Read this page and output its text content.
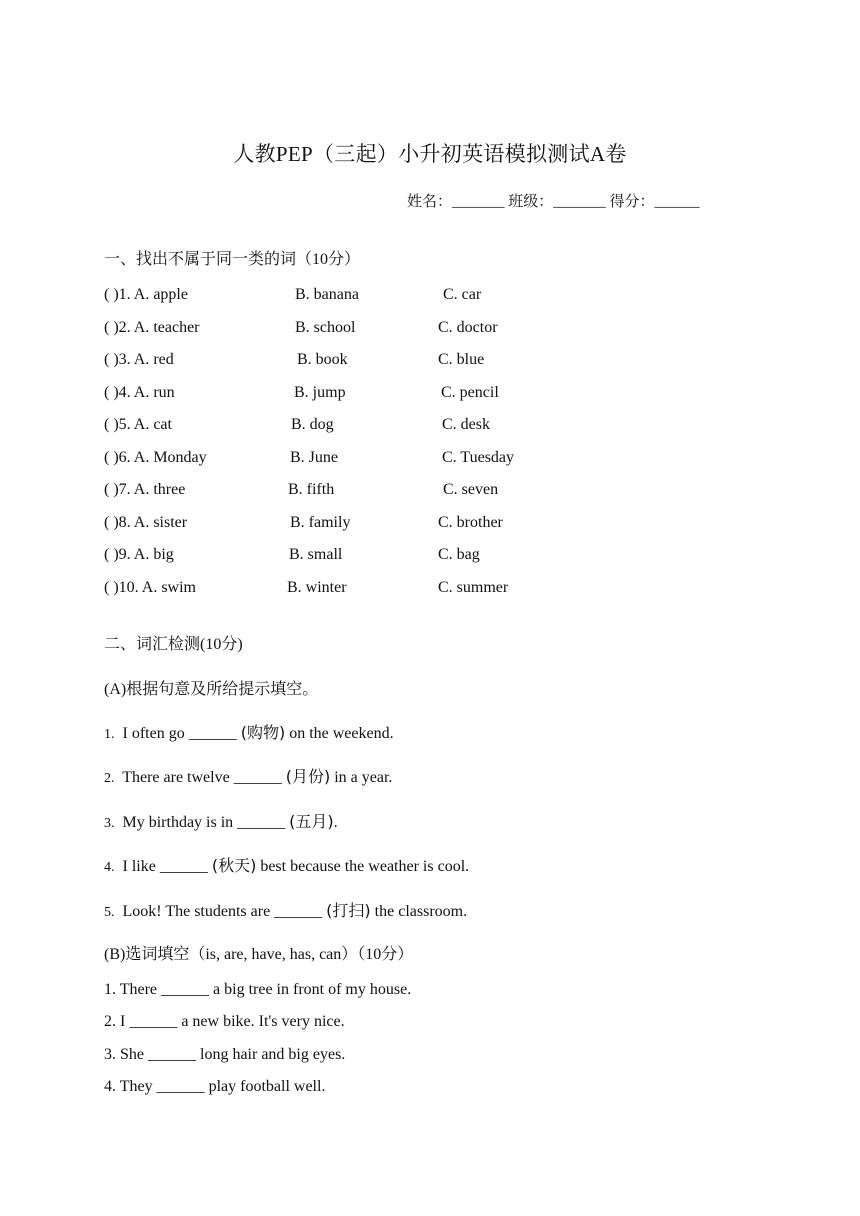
人教PEP（三起）小升初英语模拟测试A卷
姓名：_______ 班级：_______ 得分：______
一、找出不属于同一类的词（10分）
( )1. A. apple	B. banana	C. car
( )2. A. teacher	B. school	C. doctor
( )3. A. red	B. book	C. blue
( )4. A. run	B. jump	C. pencil
( )5. A. cat	B. dog	C. desk
( )6. A. Monday	B. June	C. Tuesday
( )7. A. three	B. fifth	C. seven
( )8. A. sister	B. family	C. brother
( )9. A. big	B. small	C. bag
( )10. A. swim	B. winter	C. summer
二、词汇检测(10分)
(A)根据句意及所给提示填空。
1. I often go ______ (购物) on the weekend.
2. There are twelve ______ (月份) in a year.
3. My birthday is in ______ (五月).
4. I like ______ (秋天) best because the weather is cool.
5. Look! The students are ______ (打扫) the classroom.
(B)选词填空（is, are, have, has, can）（10分）
1. There ______ a big tree in front of my house.
2. I ______ a new bike. It's very nice.
3. She ______ long hair and big eyes.
4. They ______ play football well.
